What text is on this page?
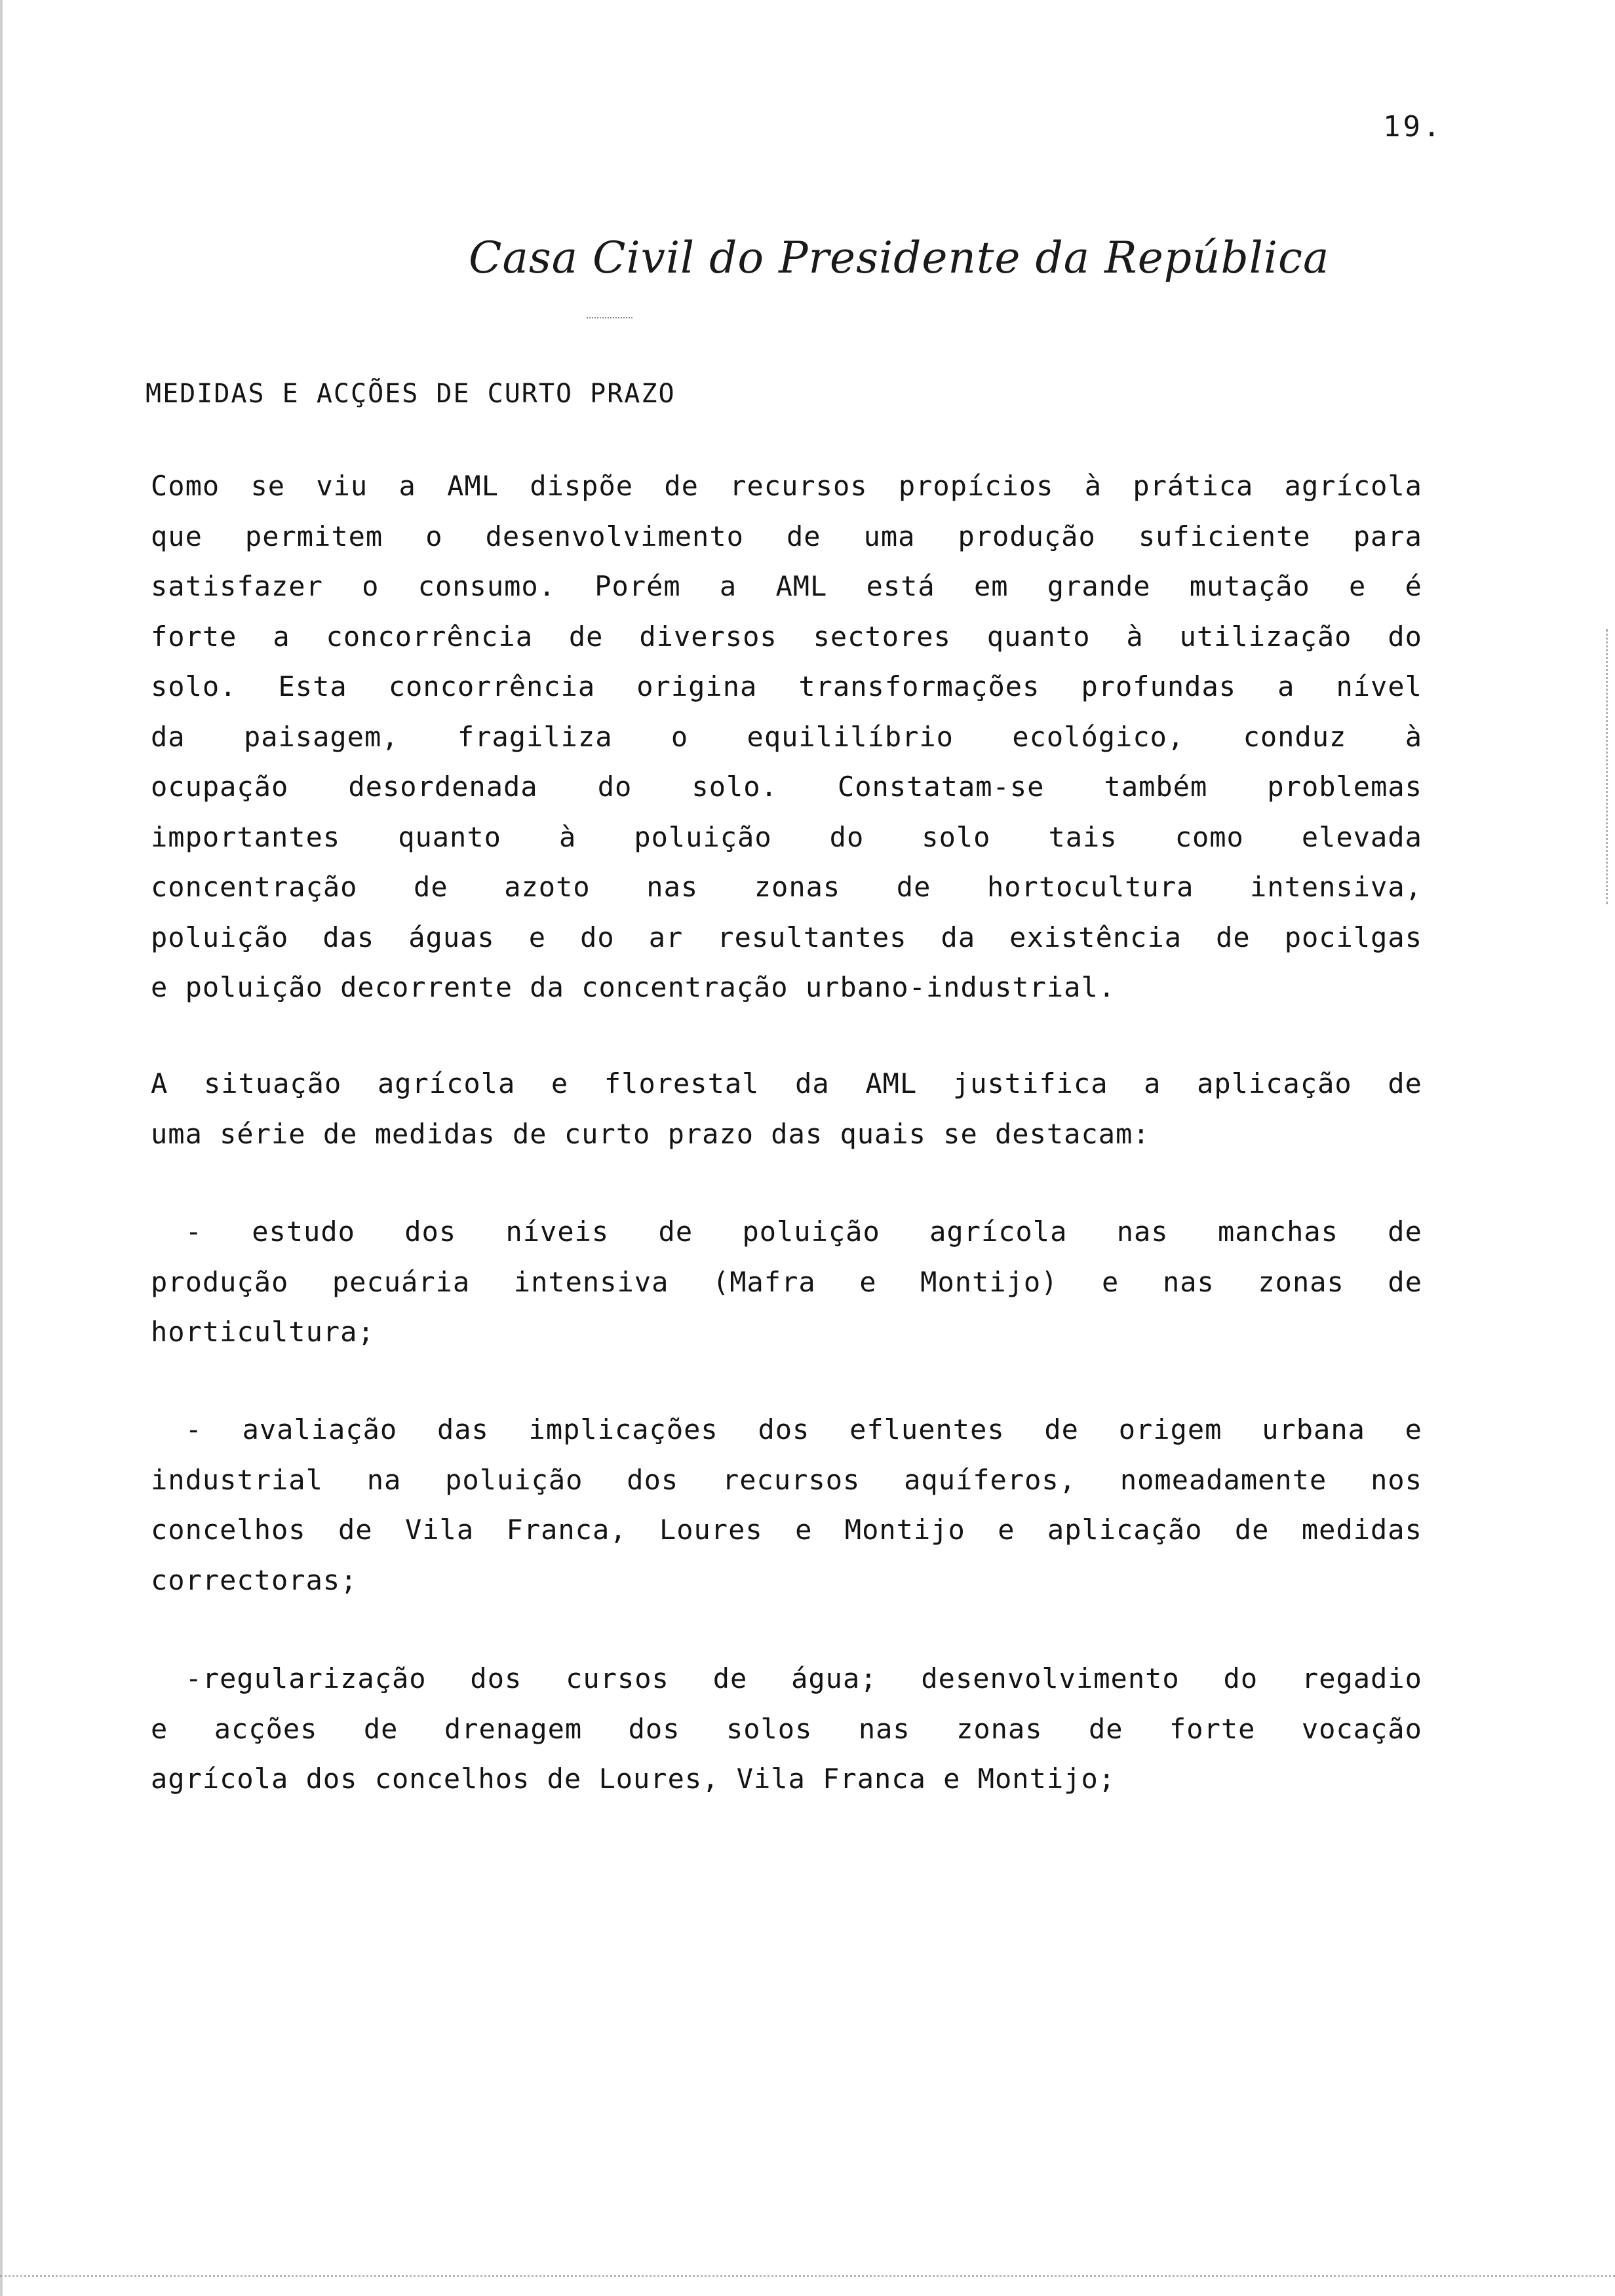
19.
Casa Civil do Presidente da República
MEDIDAS E ACÇÕES DE CURTO PRAZO
Como se viu a AML dispõe de recursos propícios à prática agrícola
que permitem o desenvolvimento de uma produção suficiente para
satisfazer o consumo. Porém a AML está em grande mutação e é
forte a concorrência de diversos sectores quanto à utilização do
solo. Esta concorrência origina transformações profundas a nível
da paisagem, fragiliza o equililíbrio ecológico, conduz à
ocupação desordenada do solo. Constatam-se também problemas
importantes quanto à poluição do solo tais como elevada
concentração de azoto nas zonas de hortocultura intensiva,
poluição das águas e do ar resultantes da existência de pocilgas
e poluição decorrente da concentração urbano-industrial.
A situação agrícola e florestal da AML justifica a aplicação de
uma série de medidas de curto prazo das quais se destacam:
- estudo dos níveis de poluição agrícola nas manchas de
produção pecuária intensiva (Mafra e Montijo) e nas zonas de
horticultura;
- avaliação das implicações dos efluentes de origem urbana e
industrial na poluição dos recursos aquíferos, nomeadamente nos
concelhos de Vila Franca, Loures e Montijo e aplicação de medidas
correctoras;
-regularização dos cursos de água; desenvolvimento do regadio
e acções de drenagem dos solos nas zonas de forte vocação
agrícola dos concelhos de Loures, Vila Franca e Montijo;
